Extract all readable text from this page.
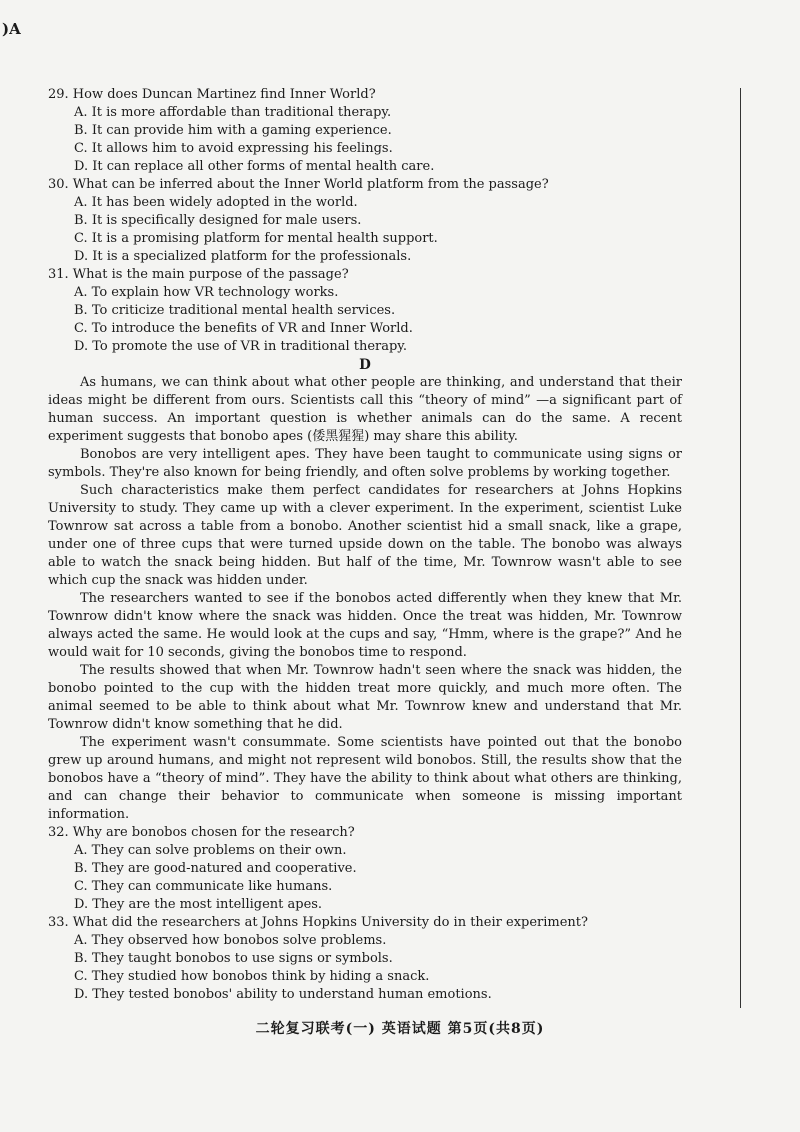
)A

29. How does Duncan Martinez find Inner World?

A. It is more affordable than traditional therapy.

B. It can provide him with a gaming experience.

C. It allows him to avoid expressing his feelings.

D. It can replace all other forms of mental health care.

30. What can be inferred about the Inner World platform from the passage?

A. It has been widely adopted in the world.

B. It is specifically designed for male users.

C. It is a promising platform for mental health support.

D. It is a specialized platform for the professionals.

31. What is the main purpose of the passage?

A. To explain how VR technology works.

B. To criticize traditional mental health services.

C. To introduce the benefits of VR and Inner World.

D. To promote the use of VR in traditional therapy.

D

As humans, we can think about what other people are thinking, and understand that their ideas might be different from ours. Scientists call this “theory of mind” —a significant part of human success. An important question is whether animals can do the same. A recent experiment suggests that bonobo apes (倭黑猩猩) may share this ability.

Bonobos are very intelligent apes. They have been taught to communicate using signs or symbols. They're also known for being friendly, and often solve problems by working together.

Such characteristics make them perfect candidates for researchers at Johns Hopkins University to study. They came up with a clever experiment. In the experiment, scientist Luke Townrow sat across a table from a bonobo. Another scientist hid a small snack, like a grape, under one of three cups that were turned upside down on the table. The bonobo was always able to watch the snack being hidden. But half of the time, Mr. Townrow wasn't able to see which cup the snack was hidden under.

The researchers wanted to see if the bonobos acted differently when they knew that Mr. Townrow didn't know where the snack was hidden. Once the treat was hidden, Mr. Townrow always acted the same. He would look at the cups and say, “Hmm, where is the grape?” And he would wait for 10 seconds, giving the bonobos time to respond.

The results showed that when Mr. Townrow hadn't seen where the snack was hidden, the bonobo pointed to the cup with the hidden treat more quickly, and much more often. The animal seemed to be able to think about what Mr. Townrow knew and understand that Mr. Townrow didn't know something that he did.

The experiment wasn't consummate. Some scientists have pointed out that the bonobo grew up around humans, and might not represent wild bonobos. Still, the results show that the bonobos have a “theory of mind”. They have the ability to think about what others are thinking, and can change their behavior to communicate when someone is missing important information.

32. Why are bonobos chosen for the research?

A. They can solve problems on their own.

B. They are good-natured and cooperative.

C. They can communicate like humans.

D. They are the most intelligent apes.

33. What did the researchers at Johns Hopkins University do in their experiment?

A. They observed how bonobos solve problems.

B. They taught bonobos to use signs or symbols.

C. They studied how bonobos think by hiding a snack.

D. They tested bonobos' ability to understand human emotions.

二轮复习联考(一) 英语试题 第5页(共8页)
